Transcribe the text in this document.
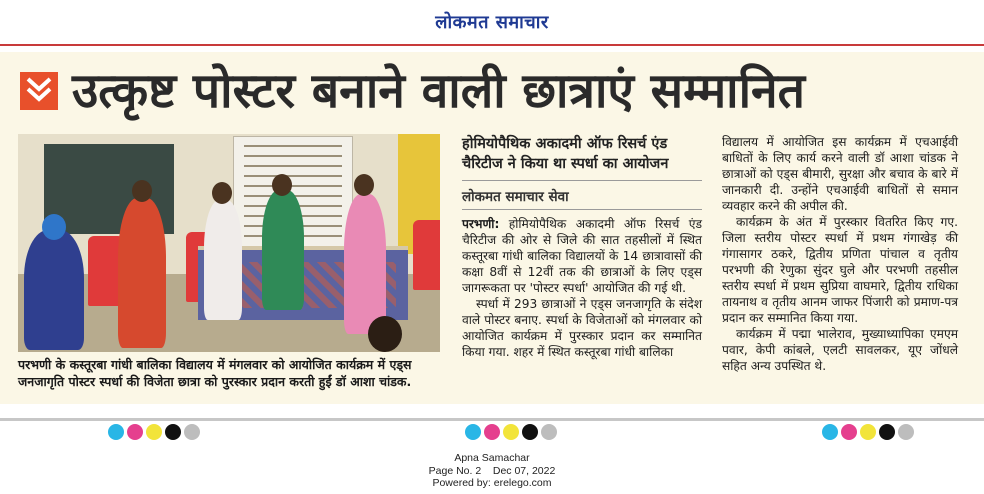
लोकमत समाचार
उत्कृष्ट पोस्टर बनाने वाली छात्राएं सम्मानित
परभणी के कस्तूरबा गांधी बालिका विद्यालय में मंगलवार को आयोजित कार्यक्रम में एड्स जनजागृति पोस्टर स्पर्धा की विजेता छात्रा को पुरस्कार प्रदान करती हुईं डॉ आशा चांडक.

होमियोपैथिक अकादमी ऑफ रिसर्च एंड चैरिटीज ने किया था स्पर्धा का आयोजन

लोकमत समाचार सेवा

परभणी: होमियोपैथिक अकादमी ऑफ रिसर्च एंड चैरिटीज की ओर से जिले की सात तहसीलों में स्थित कस्तूरबा गांधी बालिका विद्यालयों के 14 छात्रावासों की कक्षा 8वीं से 12वीं तक की छात्राओं के लिए एड्स जागरूकता पर 'पोस्टर स्पर्धा' आयोजित की गई थी.

स्पर्धा में 293 छात्राओं ने एड्स जनजागृति के संदेश वाले पोस्टर बनाए. स्पर्धा के विजेताओं को मंगलवार को आयोजित कार्यक्रम में पुरस्कार प्रदान कर सम्मानित किया गया. शहर में स्थित कस्तूरबा गांधी बालिका

विद्यालय में आयोजित इस कार्यक्रम में एचआईवी बाधितों के लिए कार्य करने वाली डॉ आशा चांडक ने छात्राओं को एड्स बीमारी, सुरक्षा और बचाव के बारे में जानकारी दी. उन्होंने एचआईवी बाधितों से समान व्यवहार करने की अपील की.

कार्यक्रम के अंत में पुरस्कार वितरित किए गए. जिला स्तरीय पोस्टर स्पर्धा में प्रथम गंगाखेड़ की गंगासागर ठकरे, द्वितीय प्रणिता पांचाल व तृतीय परभणी की रेणुका सुंदर घुले और परभणी तहसील स्तरीय स्पर्धा में प्रथम सुप्रिया वाघमारे, द्वितीय राधिका तायनाथ व तृतीय आनम जाफर पिंजारी को प्रमाण-पत्र प्रदान कर सम्मानित किया गया.

कार्यक्रम में पद्मा भालेराव, मुख्याध्यापिका एमएम पवार, केपी कांबले, एलटी सावलकर, यूए जोंधले सहित अन्य उपस्थित थे.

Apna Samachar
Page No. 2    Dec 07, 2022
Powered by: erelego.com
